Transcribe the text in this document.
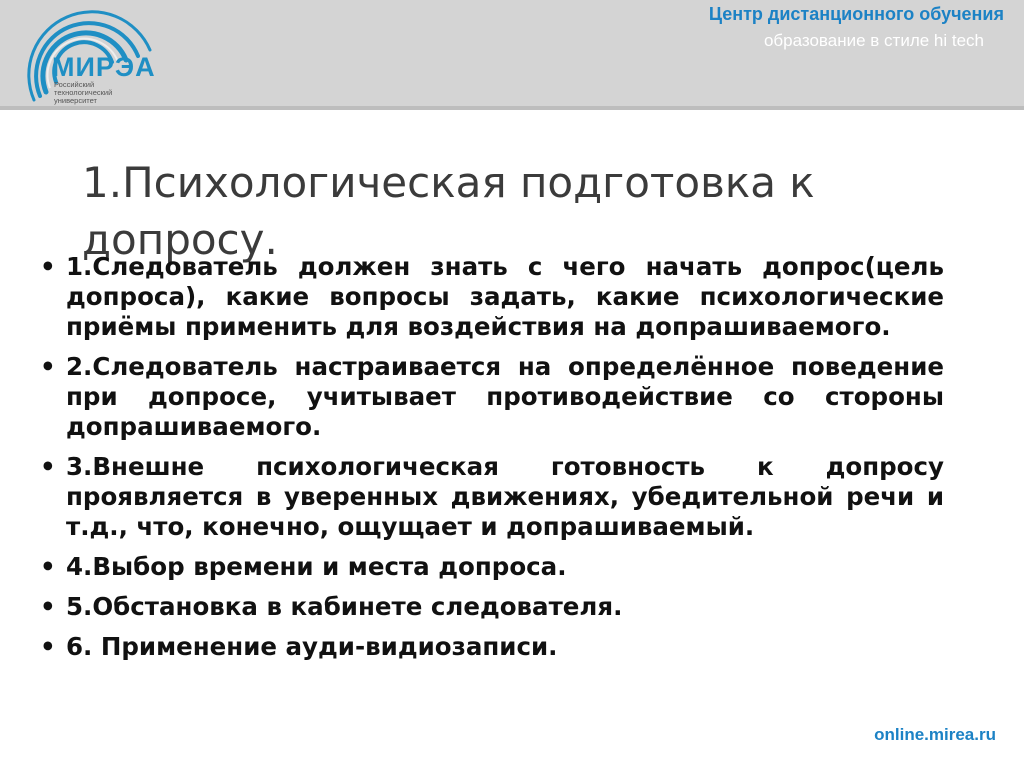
МИРЭА
Российский технологический университет
Центр дистанционного обучения
образование в стиле hi tech
1.Психологическая подготовка к допросу.
• 1.Следователь должен знать с чего начать допрос(цель допроса), какие вопросы задать, какие психологические приёмы применить для воздействия на допрашиваемого.
• 2.Следователь настраивается на определённое поведение при допросе, учитывает противодействие со стороны допрашиваемого.
• 3.Внешне психологическая готовность к допросу проявляется в уверенных движениях, убедительной речи и т.д., что, конечно, ощущает и допрашиваемый.
• 4.Выбор времени и места допроса.
• 5.Обстановка в кабинете следователя.
• 6. Применение ауди-видиозаписи.
online.mirea.ru
